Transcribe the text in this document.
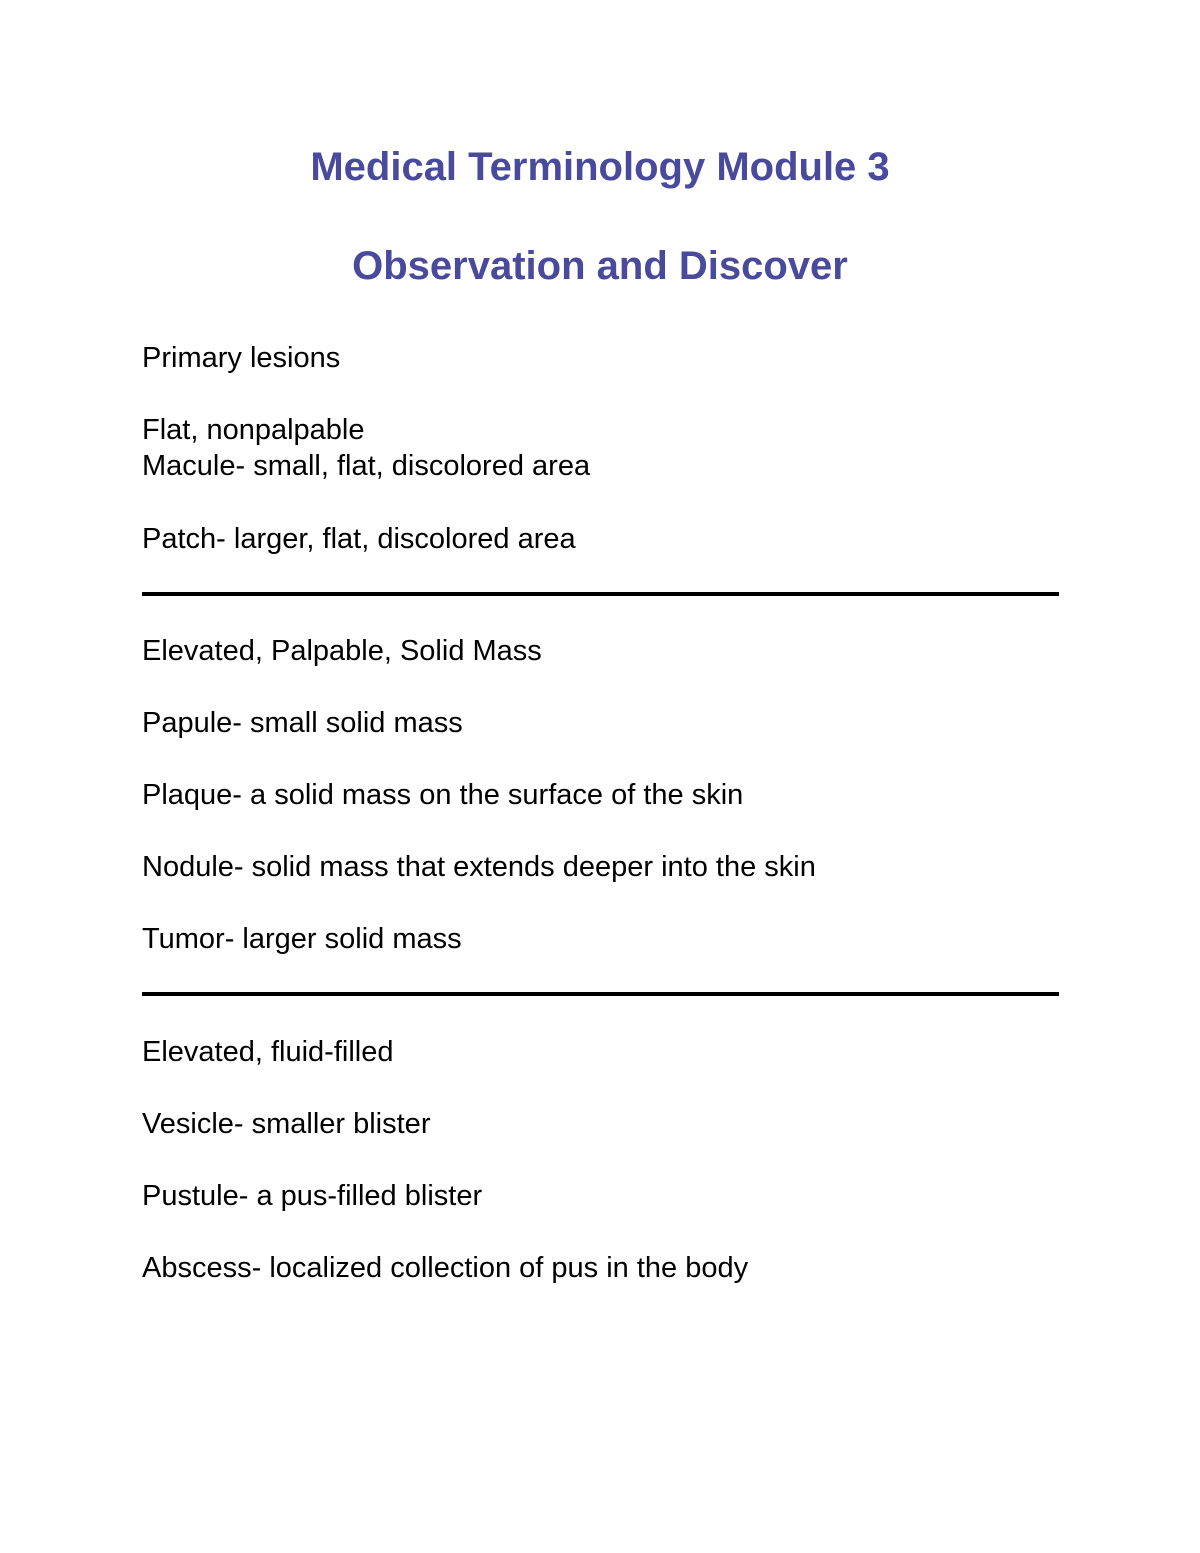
Medical Terminology Module 3
Observation and Discover
Primary lesions
Flat, nonpalpable
Macule- small, flat, discolored area
Patch- larger, flat, discolored area
Elevated, Palpable, Solid Mass
Papule- small solid mass
Plaque- a solid mass on the surface of the skin
Nodule- solid mass that extends deeper into the skin
Tumor- larger solid mass
Elevated, fluid-filled
Vesicle- smaller blister
Pustule- a pus-filled blister
Abscess- localized collection of pus in the body
